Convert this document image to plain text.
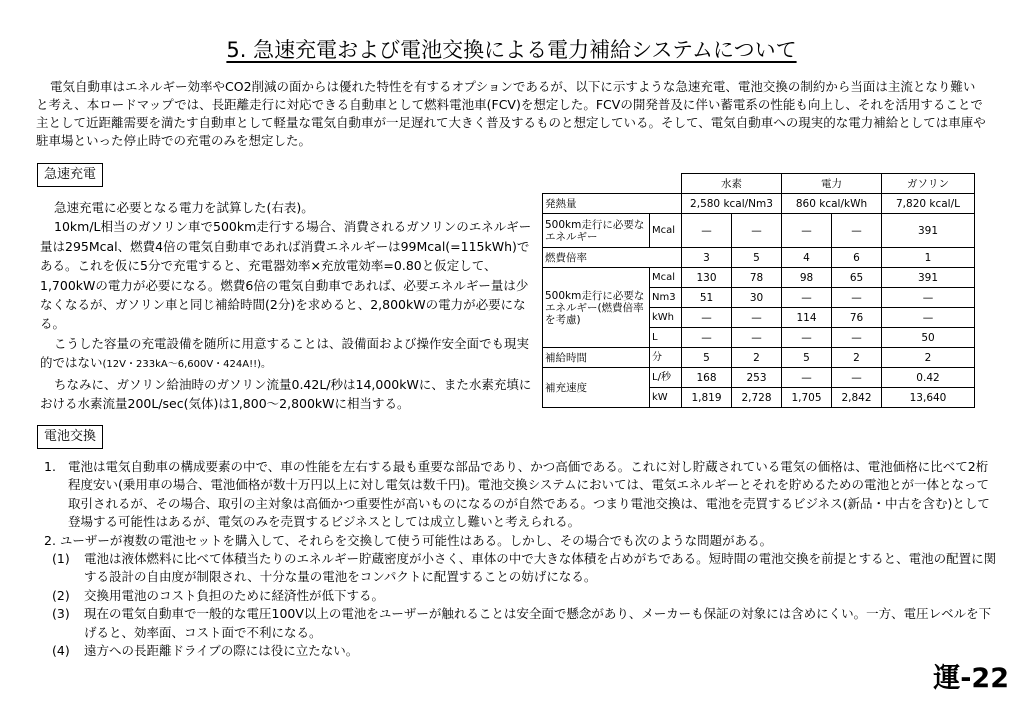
5. 急速充電および電池交換による電力補給システムについて

電気自動車はエネルギー効率やCO2削減の面からは優れた特性を有するオプションであるが、以下に示すような急速充電、電池交換の制約から当面は主流となり難いと考え、本ロードマップでは、長距離走行に対応できる自動車として燃料電池車(FCV)を想定した。FCVの開発普及に伴い蓄電系の性能も向上し、それを活用することで主として近距離需要を満たす自動車として軽量な電気自動車が一足遅れて大きく普及するものと想定している。そして、電気自動車への現実的な電力補給としては車庫や駐車場といった停止時での充電のみを想定した。

急速充電

急速充電に必要となる電力を試算した(右表)。

10km/L相当のガソリン車で500km走行する場合、消費されるガソリンのエネルギー量は295Mcal、燃費4倍の電気自動車であれば消費エネルギーは99Mcal(=115kWh)である。これを仮に5分で充電すると、充電器効率×充放電効率=0.80と仮定して、1,700kWの電力が必要になる。燃費6倍の電気自動車であれば、必要エネルギー量は少なくなるが、ガソリン車と同じ補給時間(2分)を求めると、2,800kWの電力が必要になる。

こうした容量の充電設備を随所に用意することは、設備面および操作安全面でも現実的ではない(12V・233kA〜6,600V・424A!!)。

ちなみに、ガソリン給油時のガソリン流量0.42L/秒は14,000kWに、また水素充填における水素流量200L/sec(気体)は1,800〜2,800kWに相当する。

		水素		電力		ガソリン
発熱量		2,580 kcal/Nm3		860 kcal/kWh		7,820 kcal/L
500km走行に必要なエネルギー	Mcal	—	—	—	—	391
燃費倍率		3	5	4	6	1
500km走行に必要なエネルギー(燃費倍率を考慮)	Mcal	130	78	98	65	391
	Nm3	51	30	—	—	—
	kWh	—	—	114	76	—
	L	—	—	—	—	50
補給時間	分	5	2	5	2	2
補充速度	L/秒	168	253	—	—	0.42
	kW	1,819	2,728	1,705	2,842	13,640
電池交換
1. 電池は電気自動車の構成要素の中で、車の性能を左右する最も重要な部品であり、かつ高価である。これに対し貯蔵されている電気の価格は、電池価格に比べて2桁程度安い(乗用車の場合、電池価格が数十万円以上に対し電気は数千円)。電池交換システムにおいては、電気エネルギーとそれを貯めるための電池とが一体となって取引されるが、その場合、取引の主対象は高価かつ重要性が高いものになるのが自然である。つまり電池交換は、電池を売買するビジネス(新品・中古を含む)として登場する可能性はあるが、電気のみを売買するビジネスとしては成立し難いと考えられる。
2. ユーザーが複数の電池セットを購入して、それらを交換して使う可能性はある。しかし、その場合でも次のような問題がある。
(1)	電池は液体燃料に比べて体積当たりのエネルギー貯蔵密度が小さく、車体の中で大きな体積を占めがちである。短時間の電池交換を前提とすると、電池の配置に関する設計の自由度が制限され、十分な量の電池をコンパクトに配置することの妨げになる。
(2)	交換用電池のコスト負担のために経済性が低下する。
(3)	現在の電気自動車で一般的な電圧100V以上の電池をユーザーが触れることは安全面で懸念があり、メーカーも保証の対象には含めにくい。一方、電圧レベルを下げると、効率面、コスト面で不利になる。
(4)	遠方への長距離ドライブの際には役に立たない。
運-22
